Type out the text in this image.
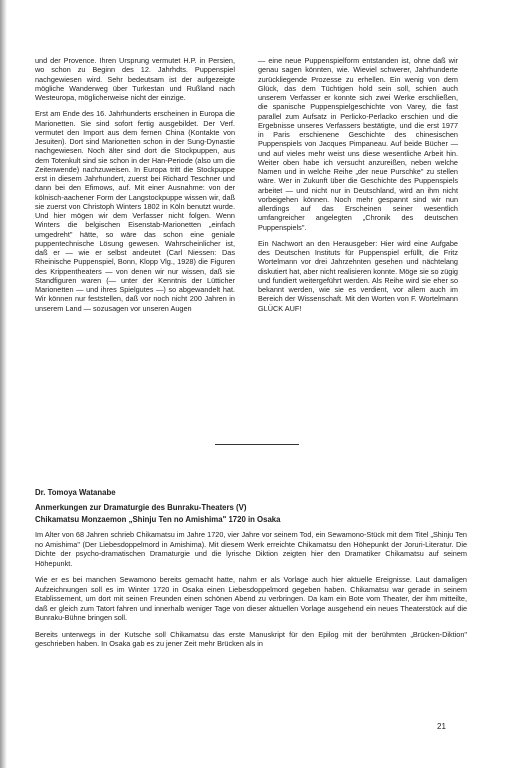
und der Provence. Ihren Ursprung vermutet H.P. in Persien, wo schon zu Beginn des 12. Jahrhdts. Puppenspiel nachgewiesen wird. Sehr bedeutsam ist der aufgezeigte mögliche Wanderweg über Turkestan und Rußland nach Westeuropa, möglicherweise nicht der einzige.

Erst am Ende des 16. Jahrhunderts erscheinen in Europa die Marionetten. Sie sind sofort fertig ausgebildet. Der Verf. vermutet den Import aus dem fernen China (Kontakte von Jesuiten). Dort sind Marionetten schon in der Sung-Dynastie nachgewiesen. Noch älter sind dort die Stockpuppen, aus dem Totenkult sind sie schon in der Han-Periode (also um die Zeitenwende) nachzuweisen. In Europa tritt die Stockpuppe erst in diesem Jahrhundert, zuerst bei Richard Teschner und dann bei den Efimows, auf. Mit einer Ausnahme: von der kölnisch-aachener Form der Langstockpuppe wissen wir, daß sie zuerst von Christoph Winters 1802 in Köln benutzt wurde. Und hier mögen wir dem Verfasser nicht folgen. Wenn Winters die belgischen Eisenstab-Marionetten „einfach umgedreht" hätte, so wäre das schon eine geniale puppentechnische Lösung gewesen. Wahrscheinlicher ist, daß er — wie er selbst andeutet (Carl Niessen: Das Rheinische Puppenspiel, Bonn, Klopp Vlg., 1928) die Figuren des Krippentheaters — von denen wir nur wissen, daß sie Standfiguren waren (— unter der Kenntnis der Lütticher Marionetten — und ihres Spielgutes —) so abgewandelt hat. Wir können nur feststellen, daß vor noch nicht 200 Jahren in unserem Land — sozusagen vor unseren Augen

— eine neue Puppenspielform entstanden ist, ohne daß wir genau sagen könnten, wie. Wieviel schwerer, Jahrhunderte zurückliegende Prozesse zu erhellen. Ein wenig von dem Glück, das dem Tüchtigen hold sein soll, schien auch unserem Verfasser er konnte sich zwei Werke erschließen, die spanische Puppenspielgeschichte von Varey, die fast parallel zum Aufsatz in Perlicko-Perlacko erschien und die Ergebnisse unseres Verfassers bestätigte, und die erst 1977 in Paris erschienene Geschichte des chinesischen Puppenspiels von Jacques Pimpaneau. Auf beide Bücher — und auf vieles mehr weist uns diese wesentliche Arbeit hin. Weiter oben habe ich versucht anzureißen, neben welche Namen und in welche Reihe „der neue Purschke" zu stellen wäre. Wer in Zukunft über die Geschichte des Puppenspiels arbeitet — und nicht nur in Deutschland, wird an ihm nicht vorbeigehen können. Noch mehr gespannt sind wir nun allerdings auf das Erscheinen seiner wesentlich umfangreicher angelegten „Chronik des deutschen Puppenspiels".

Ein Nachwort an den Herausgeber: Hier wird eine Aufgabe des Deutschen Instituts für Puppenspiel erfüllt, die Fritz Wortelmann vor drei Jahrzehnten gesehen und nächtelang diskutiert hat, aber nicht realisieren konnte. Möge sie so zügig und fundiert weitergeführt werden. Als Reihe wird sie eher so bekannt werden, wie sie es verdient, vor allem auch im Bereich der Wissenschaft. Mit den Worten von F. Wortelmann GLÜCK AUF!

Dr. Tomoya Watanabe
Anmerkungen zur Dramaturgie des Bunraku-Theaters (V)
Chikamatsu Monzaemon „Shinju Ten no Amishima" 1720 in Osaka

Im Alter von 68 Jahren schrieb Chikamatsu im Jahre 1720, vier Jahre vor seinem Tod, ein Sewamono-Stück mit dem Titel „Shinju Ten no Amishima" (Der Liebesdoppelmord in Amishima). Mit diesem Werk erreichte Chikamatsu den Höhepunkt der Joruri-Literatur. Die Dichte der psycho-dramatischen Dramaturgie und die lyrische Diktion zeigten hier den Dramatiker Chikamatsu auf seinem Höhepunkt.

Wie er es bei manchen Sewamono bereits gemacht hatte, nahm er als Vorlage auch hier aktuelle Ereignisse. Laut damaligen Aufzeichnungen soll es im Winter 1720 in Osaka einen Liebesdoppelmord gegeben haben. Chikamatsu war gerade in seinem Etablissement, um dort mit seinen Freunden einen schönen Abend zu verbringen. Da kam ein Bote vom Theater, der ihm mitteilte, daß er gleich zum Tatort fahren und innerhalb weniger Tage von dieser aktuellen Vorlage ausgehend ein neues Theaterstück auf die Bunraku-Bühne bringen soll.

Bereits unterwegs in der Kutsche soll Chikamatsu das erste Manuskript für den Epilog mit der berühmten „Brücken-Diktion" geschrieben haben. In Osaka gab es zu jener Zeit mehr Brücken als in

21
